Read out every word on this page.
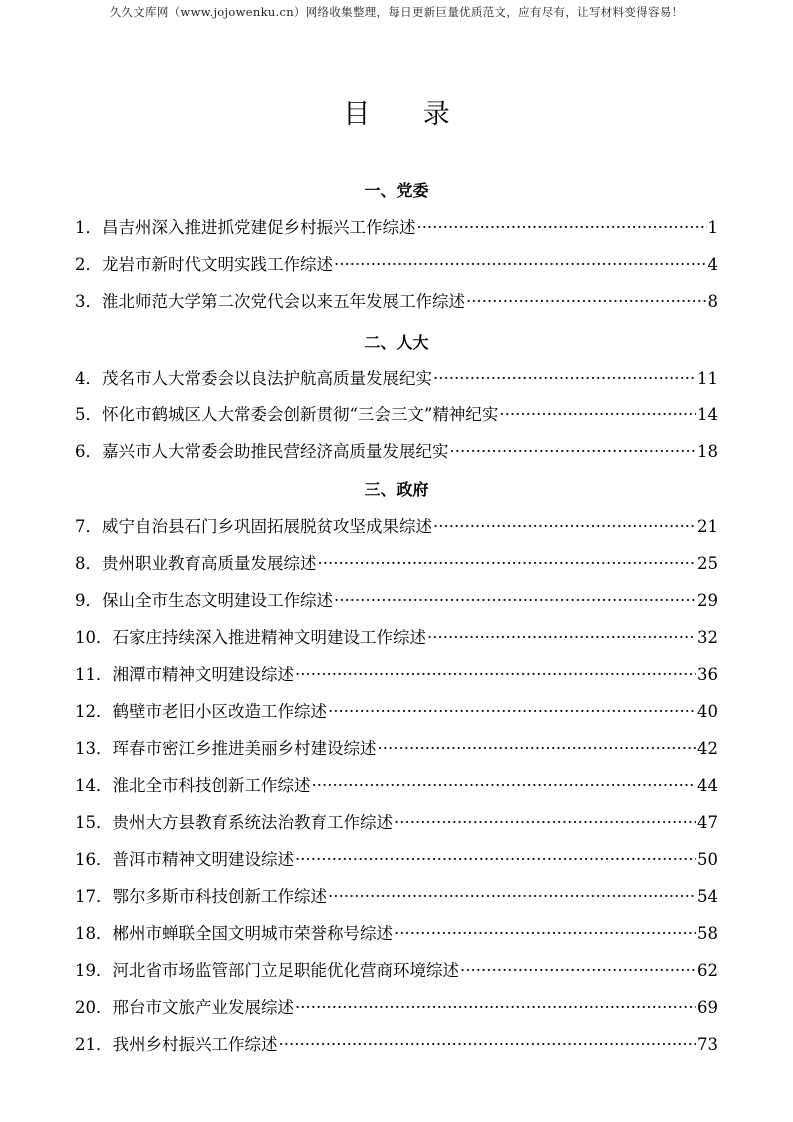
久久文库网（www.jojowenku.cn）网络收集整理，每日更新巨量优质范文，应有尽有，让写材料变得容易！
目 录
一、党委
1． 昌吉州深入推进抓党建促乡村振兴工作综述 ·····	1
2． 龙岩市新时代文明实践工作综述 ·····	4
3． 淮北师范大学第二次党代会以来五年发展工作综述 ·····	8
二、人大
4． 茂名市人大常委会以良法护航高质量发展纪实 ·····	11
5． 怀化市鹤城区人大常委会创新贯彻“三会三文”精神纪实 ·····	14
6． 嘉兴市人大常委会助推民营经济高质量发展纪实 ·····	18
三、政府
7． 威宁自治县石门乡巩固拓展脱贫攻坚成果综述 ·····	21
8． 贵州职业教育高质量发展综述 ·····	25
9． 保山全市生态文明建设工作综述 ·····	29
10． 石家庄持续深入推进精神文明建设工作综述 ·····	32
11． 湘潭市精神文明建设综述 ·····	36
12． 鹤壁市老旧小区改造工作综述 ·····	40
13． 珲春市密江乡推进美丽乡村建设综述 ·····	42
14． 淮北全市科技创新工作综述 ·····	44
15． 贵州大方县教育系统法治教育工作综述 ·····	47
16． 普洱市精神文明建设综述 ·····	50
17． 鄂尔多斯市科技创新工作综述 ·····	54
18． 郴州市蝉联全国文明城市荣誉称号综述 ·····	58
19． 河北省市场监管部门立足职能优化营商环境综述 ·····	62
20． 邢台市文旅产业发展综述 ·····	69
21． 我州乡村振兴工作综述 ·····	73
